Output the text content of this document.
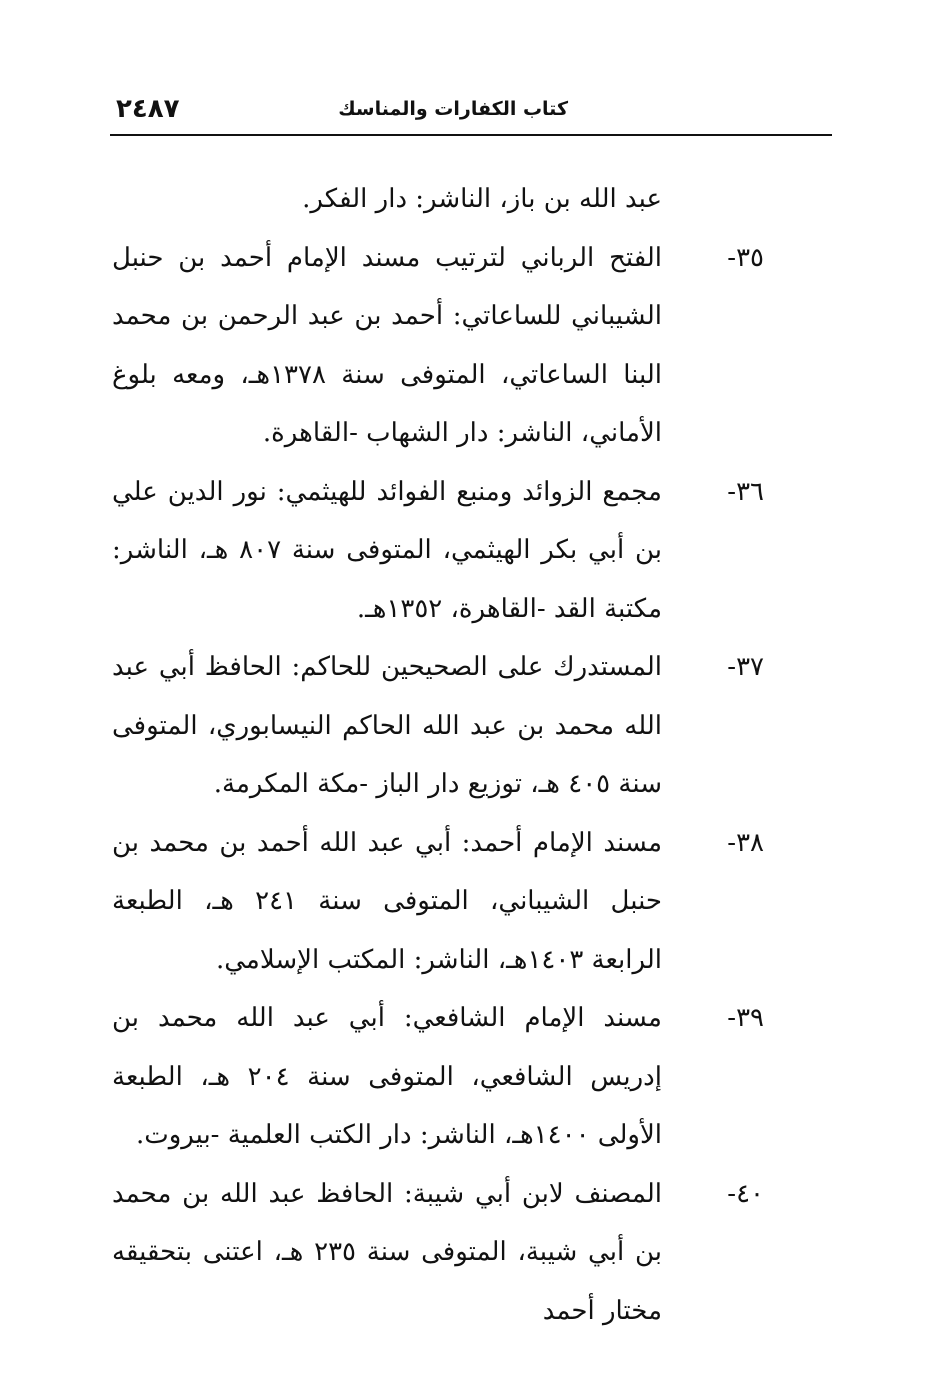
٢٤٨٧	كتاب الكفارات والمناسك
عبد الله بن باز، الناشر: دار الفكر.
٣٥-
الفتح الرباني لترتيب مسند الإمام أحمد بن حنبل الشيباني للساعاتي: أحمد بن عبد الرحمن بن محمد البنا الساعاتي، المتوفى سنة ١٣٧٨هـ، ومعه بلوغ الأماني، الناشر: دار الشهاب -القاهرة.
٣٦-
مجمع الزوائد ومنبع الفوائد للهيثمي: نور الدين علي بن أبي بكر الهيثمي، المتوفى سنة ٨٠٧ هـ، الناشر: مكتبة القد -القاهرة، ١٣٥٢هـ.
٣٧-
المستدرك على الصحيحين للحاكم: الحافظ أبي عبد الله محمد بن عبد الله الحاكم النيسابوري، المتوفى سنة ٤٠٥ هـ، توزيع دار الباز -مكة المكرمة.
٣٨-
مسند الإمام أحمد: أبي عبد الله أحمد بن محمد بن حنبل الشيباني، المتوفى سنة ٢٤١ هـ، الطبعة الرابعة ١٤٠٣هـ، الناشر: المكتب الإسلامي.
٣٩-
مسند الإمام الشافعي: أبي عبد الله محمد بن إدريس الشافعي، المتوفى سنة ٢٠٤ هـ، الطبعة الأولى ١٤٠٠هـ، الناشر: دار الكتب العلمية -بيروت.
٤٠-
المصنف لابن أبي شيبة: الحافظ عبد الله بن محمد بن أبي شيبة، المتوفى سنة ٢٣٥ هـ، اعتنى بتحقيقه مختار أحمد
